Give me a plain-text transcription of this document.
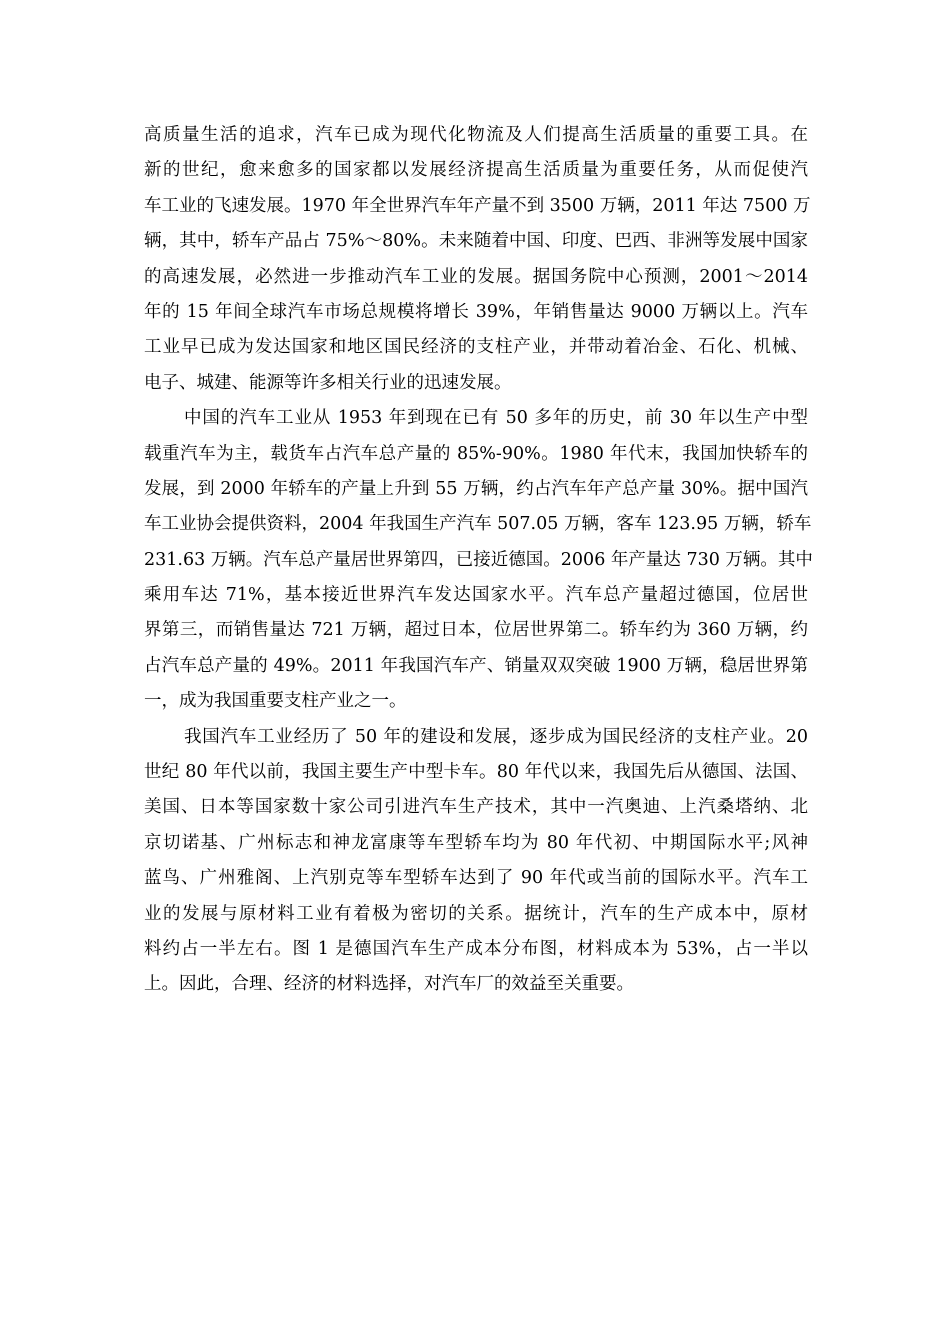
高质量生活的追求，汽车已成为现代化物流及人们提高生活质量的重要工具。在
新的世纪，愈来愈多的国家都以发展经济提高生活质量为重要任务，从而促使汽
车工业的飞速发展。1970 年全世界汽车年产量不到 3500 万辆，2011 年达 7500 万
辆，其中，轿车产品占 75%～80%。未来随着中国、印度、巴西、非洲等发展中国家
的高速发展，必然进一步推动汽车工业的发展。据国务院中心预测，2001～2014
年的 15 年间全球汽车市场总规模将增长 39%，年销售量达 9000 万辆以上。汽车
工业早已成为发达国家和地区国民经济的支柱产业，并带动着冶金、石化、机械、
电子、城建、能源等许多相关行业的迅速发展。
中国的汽车工业从 1953 年到现在已有 50 多年的历史，前 30 年以生产中型
载重汽车为主，载货车占汽车总产量的 85%-90%。1980 年代末，我国加快轿车的
发展，到 2000 年轿车的产量上升到 55 万辆，约占汽车年产总产量 30%。据中国汽
车工业协会提供资料，2004 年我国生产汽车 507.05 万辆，客车 123.95 万辆，轿车
231.63 万辆。汽车总产量居世界第四，已接近德国。2006 年产量达 730 万辆。其中
乘用车达 71%，基本接近世界汽车发达国家水平。汽车总产量超过德国，位居世
界第三，而销售量达 721 万辆，超过日本，位居世界第二。轿车约为 360 万辆，约
占汽车总产量的 49%。2011 年我国汽车产、销量双双突破 1900 万辆，稳居世界第
一，成为我国重要支柱产业之一。
我国汽车工业经历了 50 年的建设和发展，逐步成为国民经济的支柱产业。20
世纪 80 年代以前，我国主要生产中型卡车。80 年代以来，我国先后从德国、法国、
美国、日本等国家数十家公司引进汽车生产技术，其中一汽奥迪、上汽桑塔纳、北
京切诺基、广州标志和神龙富康等车型轿车均为 80 年代初、中期国际水平;风神
蓝鸟、广州雅阁、上汽别克等车型轿车达到了 90 年代或当前的国际水平。汽车工
业的发展与原材料工业有着极为密切的关系。据统计，汽车的生产成本中，原材
料约占一半左右。图 1 是德国汽车生产成本分布图，材料成本为 53%，占一半以
上。因此，合理、经济的材料选择，对汽车厂的效益至关重要。
